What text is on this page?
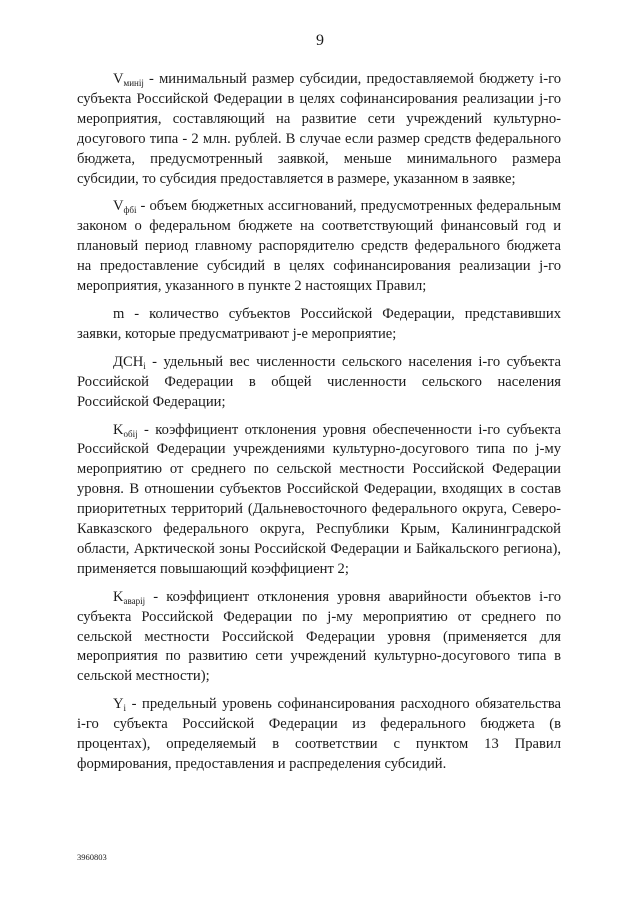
9

$V_{минij}$ - минимальный размер субсидии, предоставляемой бюджету i-го субъекта Российской Федерации в целях софинансирования реализации j-го мероприятия, составляющий на развитие сети учреждений культурно-досугового типа - 2 млн. рублей. В случае если размер средств федерального бюджета, предусмотренный заявкой, меньше минимального размера субсидии, то субсидия предоставляется в размере, указанном в заявке;

$V_{фбi}$ - объем бюджетных ассигнований, предусмотренных федеральным законом о федеральном бюджете на соответствующий финансовый год и плановый период главному распорядителю средств федерального бюджета на предоставление субсидий в целях софинансирования реализации j-го мероприятия, указанного в пункте 2 настоящих Правил;

m - количество субъектов Российской Федерации, представивших заявки, которые предусматривают j-е мероприятие;

$ДСН_i$ - удельный вес численности сельского населения i-го субъекта Российской Федерации в общей численности сельского населения Российской Федерации;

$K_{обij}$ - коэффициент отклонения уровня обеспеченности i-го субъекта Российской Федерации учреждениями культурно-досугового типа по j-му мероприятию от среднего по сельской местности Российской Федерации уровня. В отношении субъектов Российской Федерации, входящих в состав приоритетных территорий (Дальневосточного федерального округа, Северо-Кавказского федерального округа, Республики Крым, Калининградской области, Арктической зоны Российской Федерации и Байкальского региона), применяется повышающий коэффициент 2;

$K_{аварij}$ - коэффициент отклонения уровня аварийности объектов i-го субъекта Российской Федерации по j-му мероприятию от среднего по сельской местности Российской Федерации уровня (применяется для мероприятия по развитию сети учреждений культурно-досугового типа в сельской местности);

$Y_i$ - предельный уровень софинансирования расходного обязательства i-го субъекта Российской Федерации из федерального бюджета (в процентах), определяемый в соответствии с пунктом 13 Правил формирования, предоставления и распределения субсидий.

3960803
